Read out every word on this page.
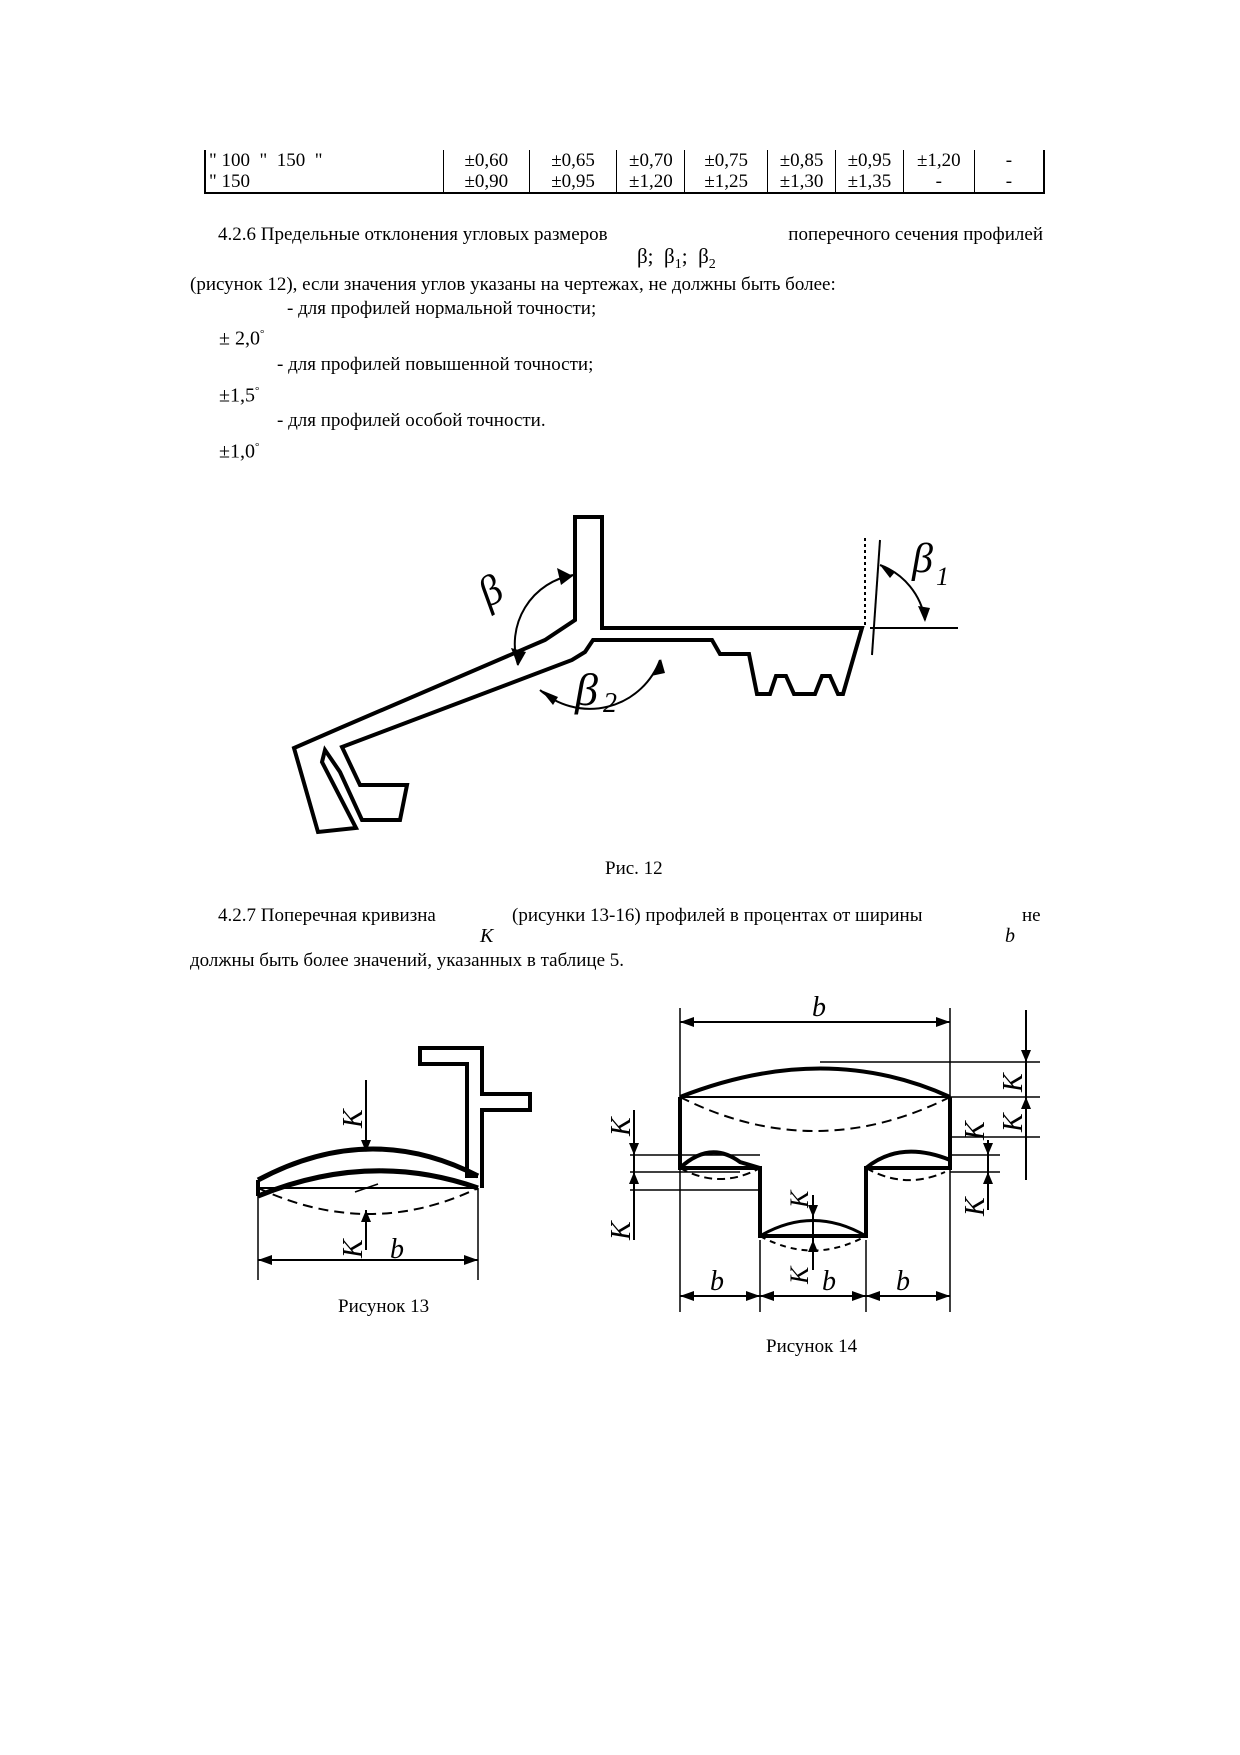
" 100  "  150  "	±0,60	±0,65	±0,70	±0,75	±0,85	±0,95	±1,20	-
" 150	±0,90	±0,95	±1,20	±1,25	±1,30	±1,35	-	-
4.2.6 Предельные отклонения угловых размеров	поперечного сечения профилей
β; $\beta_1$; $\beta_2$
(рисунок 12), если значения углов указаны на чертежах, не должны быть более:
- для профилей нормальной точности;
± 2,0°
- для профилей повышенной точности;
±1,5°
- для профилей особой точности.
±1,0°
β
β 2
β 1
K
K b
b
b	b b
K
K
K
K
K
K
K
K
Рис. 12
4.2.7 Поперечная кривизна	(рисунки 13-16) профилей в процентах от ширины	не
K	b
должны быть более значений, указанных в таблице 5.
Рисунок 13
Рисунок 14
